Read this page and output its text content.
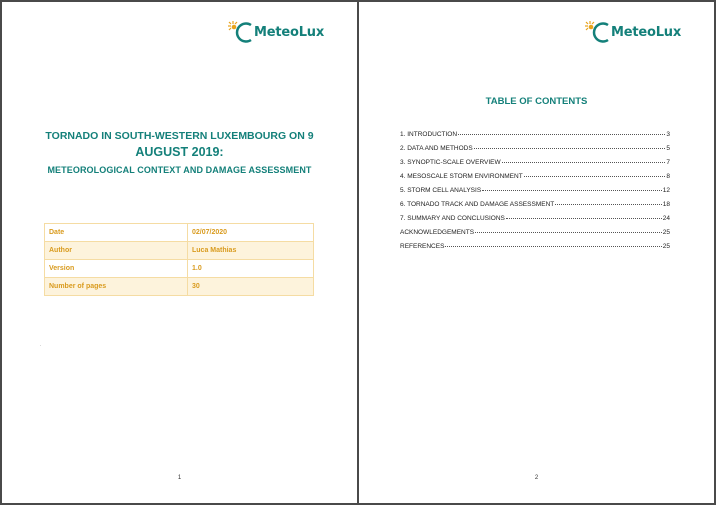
MeteoLux
TORNADO IN SOUTH-WESTERN LUXEMBOURG ON 9
AUGUST 2019:
METEOROLOGICAL CONTEXT AND DAMAGE ASSESSMENT
Date	02/07/2020
Author	Luca Mathias
Version	1.0
Number of pages	30
.
1
MeteoLux
TABLE OF CONTENTS
1. INTRODUCTION	3
2. DATA AND METHODS	5
3. SYNOPTIC-SCALE OVERVIEW	7
4. MESOSCALE STORM ENVIRONMENT	8
5. STORM CELL ANALYSIS	12
6. TORNADO TRACK AND DAMAGE ASSESSMENT	18
7. SUMMARY AND CONCLUSIONS	24
ACKNOWLEDGEMENTS	25
REFERENCES	25
2
